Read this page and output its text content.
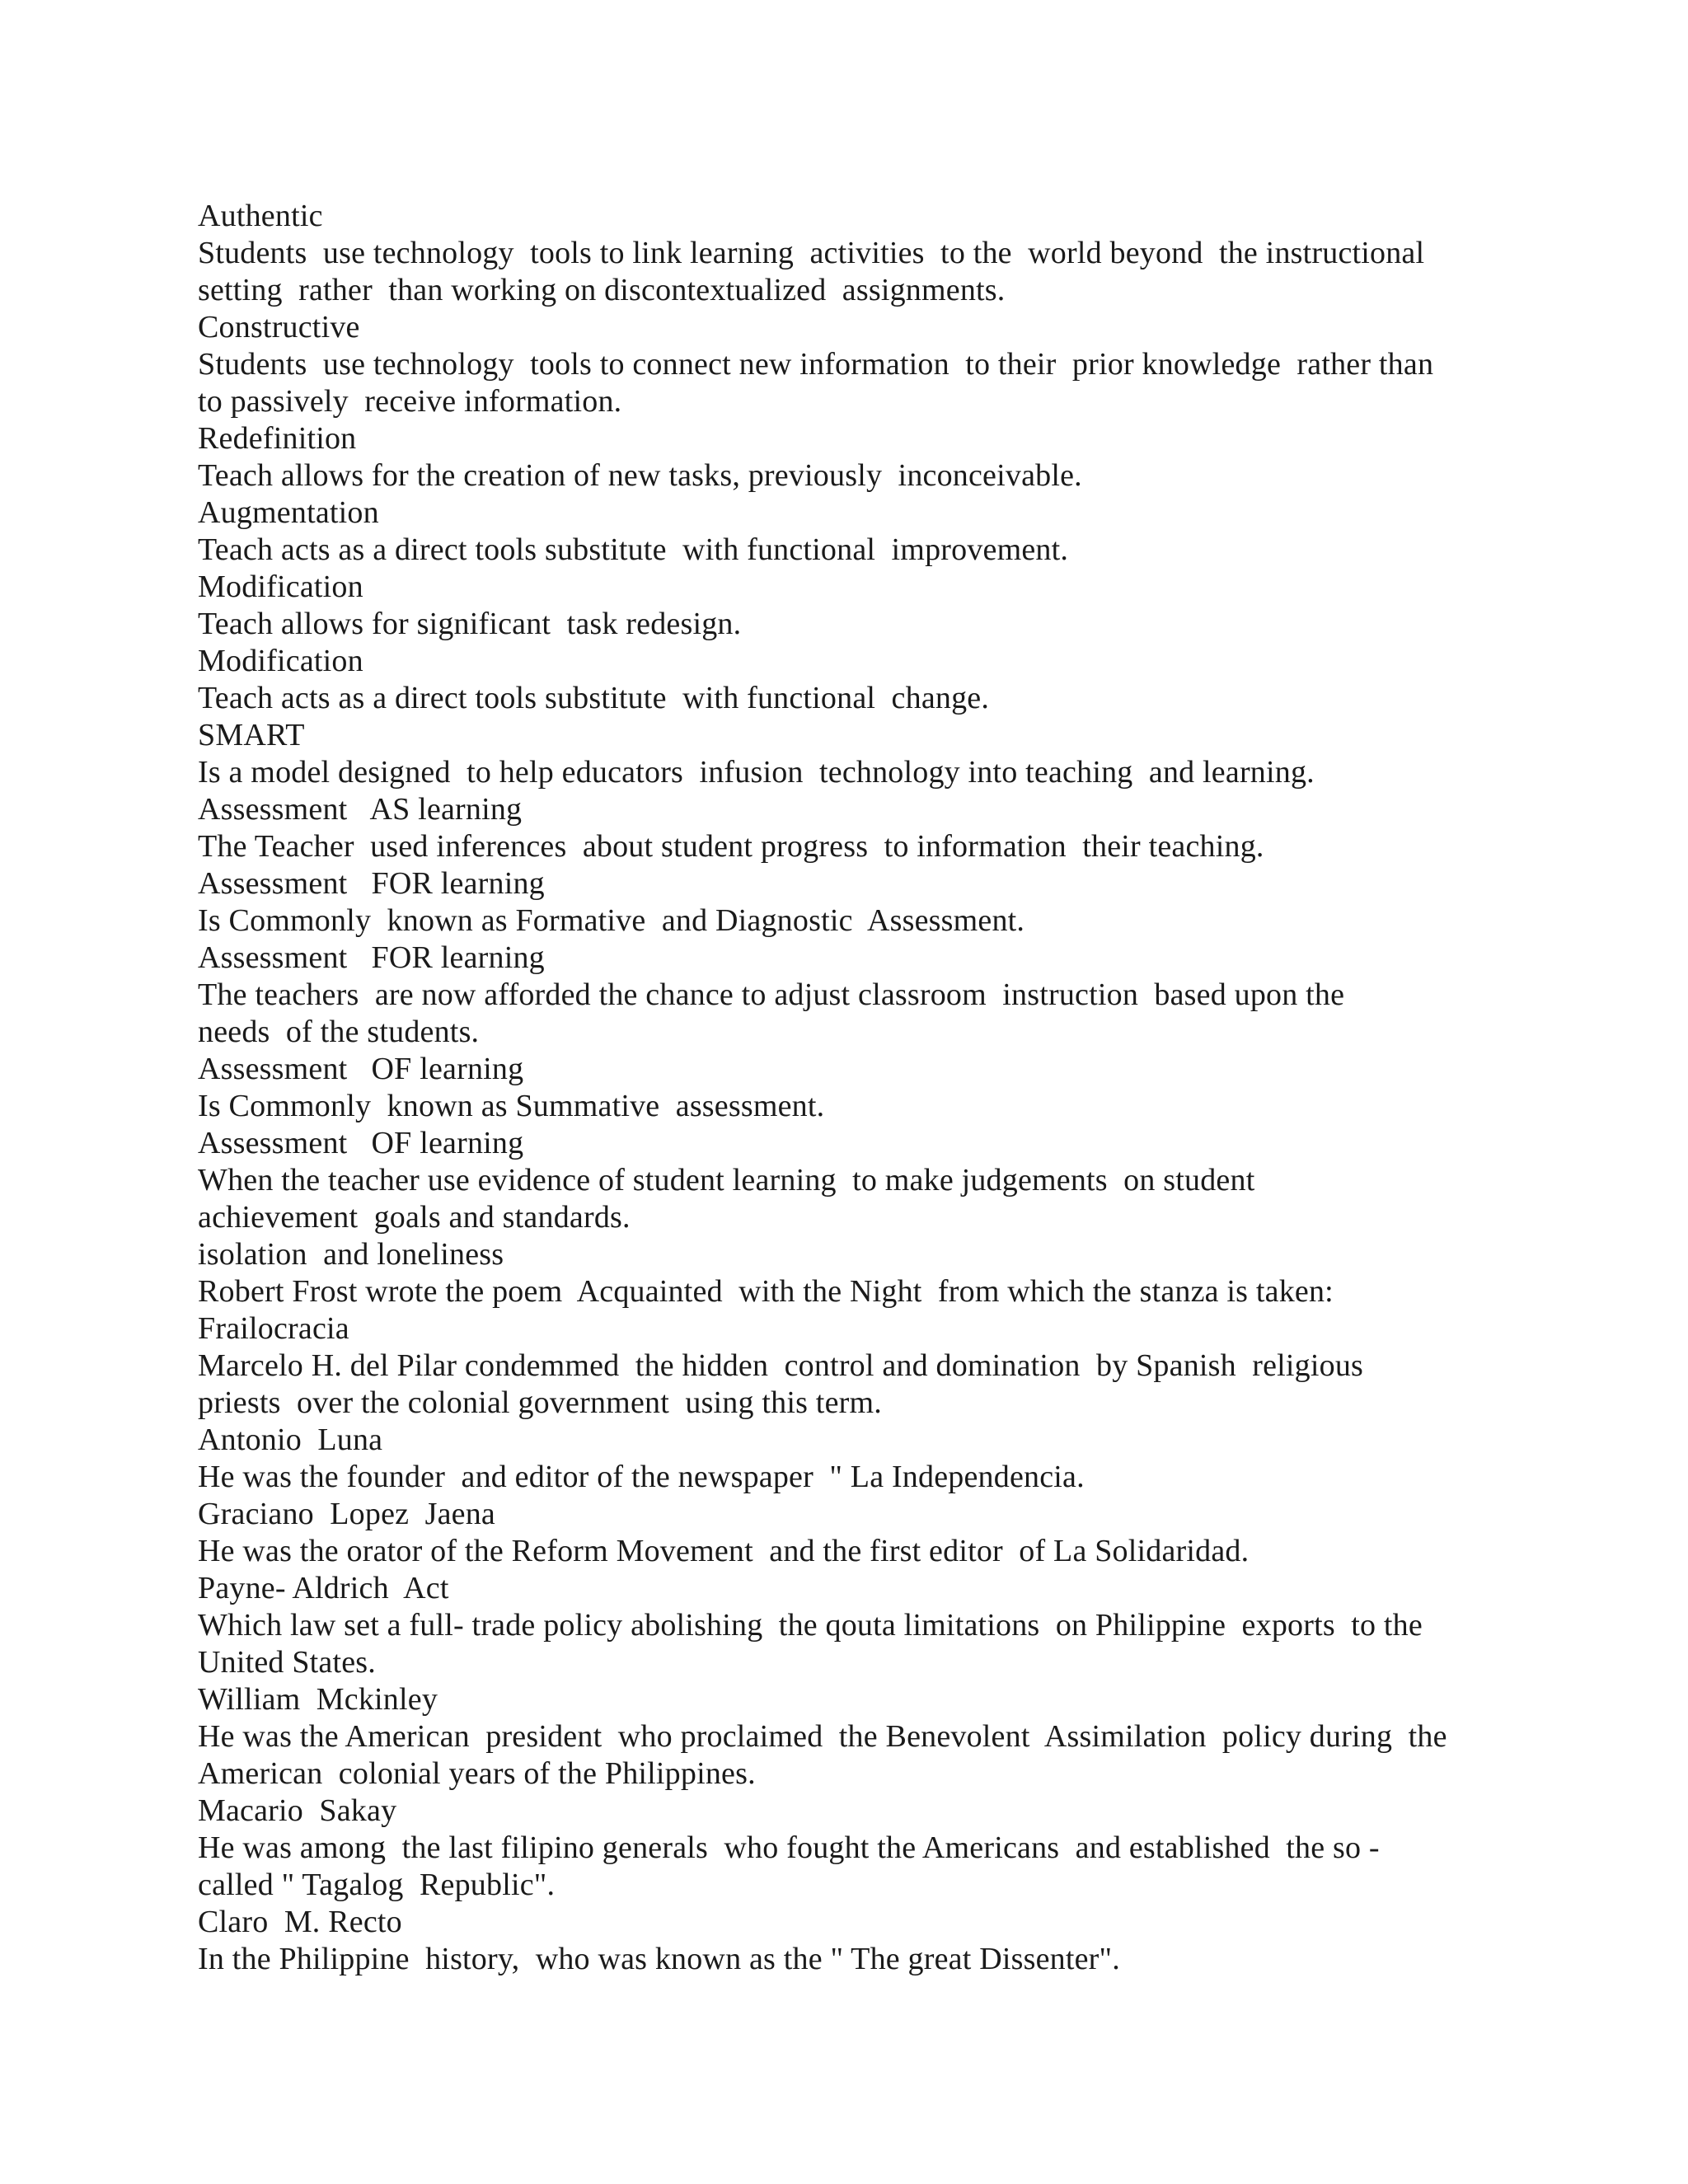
Authentic

Students  use technology  tools to link learning  activities  to the  world beyond  the instructional

setting  rather  than working on discontextualized  assignments.

Constructive

Students  use technology  tools to connect new information  to their  prior knowledge  rather than

to passively  receive information.

Redefinition

Teach allows for the creation of new tasks, previously  inconceivable.

Augmentation

Teach acts as a direct tools substitute  with functional  improvement.

Modification

Teach allows for significant  task redesign.

Modification

Teach acts as a direct tools substitute  with functional  change.

SMART

Is a model designed  to help educators  infusion  technology into teaching  and learning.

Assessment   AS learning

The Teacher  used inferences  about student progress  to information  their teaching.

Assessment   FOR learning

Is Commonly  known as Formative  and Diagnostic  Assessment.

Assessment   FOR learning

The teachers  are now afforded the chance to adjust classroom  instruction  based upon the

needs  of the students.

Assessment   OF learning

Is Commonly  known as Summative  assessment.

Assessment   OF learning

When the teacher use evidence of student learning  to make judgements  on student

achievement  goals and standards.

isolation  and loneliness

Robert Frost wrote the poem  Acquainted  with the Night  from which the stanza is taken:

Frailocracia

Marcelo H. del Pilar condemmed  the hidden  control and domination  by Spanish  religious

priests  over the colonial government  using this term.

Antonio  Luna

He was the founder  and editor of the newspaper  " La Independencia.

Graciano  Lopez  Jaena

He was the orator of the Reform Movement  and the first editor  of La Solidaridad.

Payne- Aldrich  Act

Which law set a full- trade policy abolishing  the qouta limitations  on Philippine  exports  to the

United States.

William  Mckinley

He was the American  president  who proclaimed  the Benevolent  Assimilation  policy during  the

American  colonial years of the Philippines.

Macario  Sakay

He was among  the last filipino generals  who fought the Americans  and established  the so -

called " Tagalog  Republic".

Claro  M. Recto

In the Philippine  history,  who was known as the " The great Dissenter".
